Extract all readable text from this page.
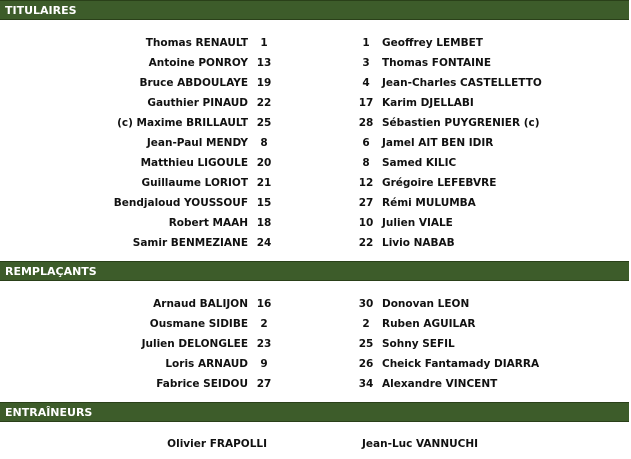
TITULAIRES
Thomas RENAULT	1	1	Geoffrey LEMBET
Antoine PONROY 13	3	Thomas FONTAINE
Bruce ABDOULAYE 19	4	Jean-Charles CASTELLETTO
Gauthier PINAUD 22	17 Karim DJELLABI
(c) Maxime BRILLAULT 25	28 Sébastien PUYGRENIER (c)
Jean-Paul MENDY	8	6	Jamel AIT BEN IDIR
Matthieu LIGOULE 20	8	Samed KILIC
Guillaume LORIOT 21	12 Grégoire LEFEBVRE
Bendjaloud YOUSSOUF 15	27 Rémi MULUMBA
Robert MAAH 18	10 Julien VIALE
Samir BENMEZIANE 24	22 Livio NABAB
REMPLAÇANTS
Arnaud BALIJON 16	30 Donovan LEON
Ousmane SIDIBE	2	2	Ruben AGUILAR
Julien DELONGLEE 23	25 Sohny SEFIL
Loris ARNAUD	9	26 Cheick Fantamady DIARRA
Fabrice SEIDOU 27	34 Alexandre VINCENT
ENTRAÎNEURS
Olivier FRAPOLLI	Jean-Luc VANNUCHI
